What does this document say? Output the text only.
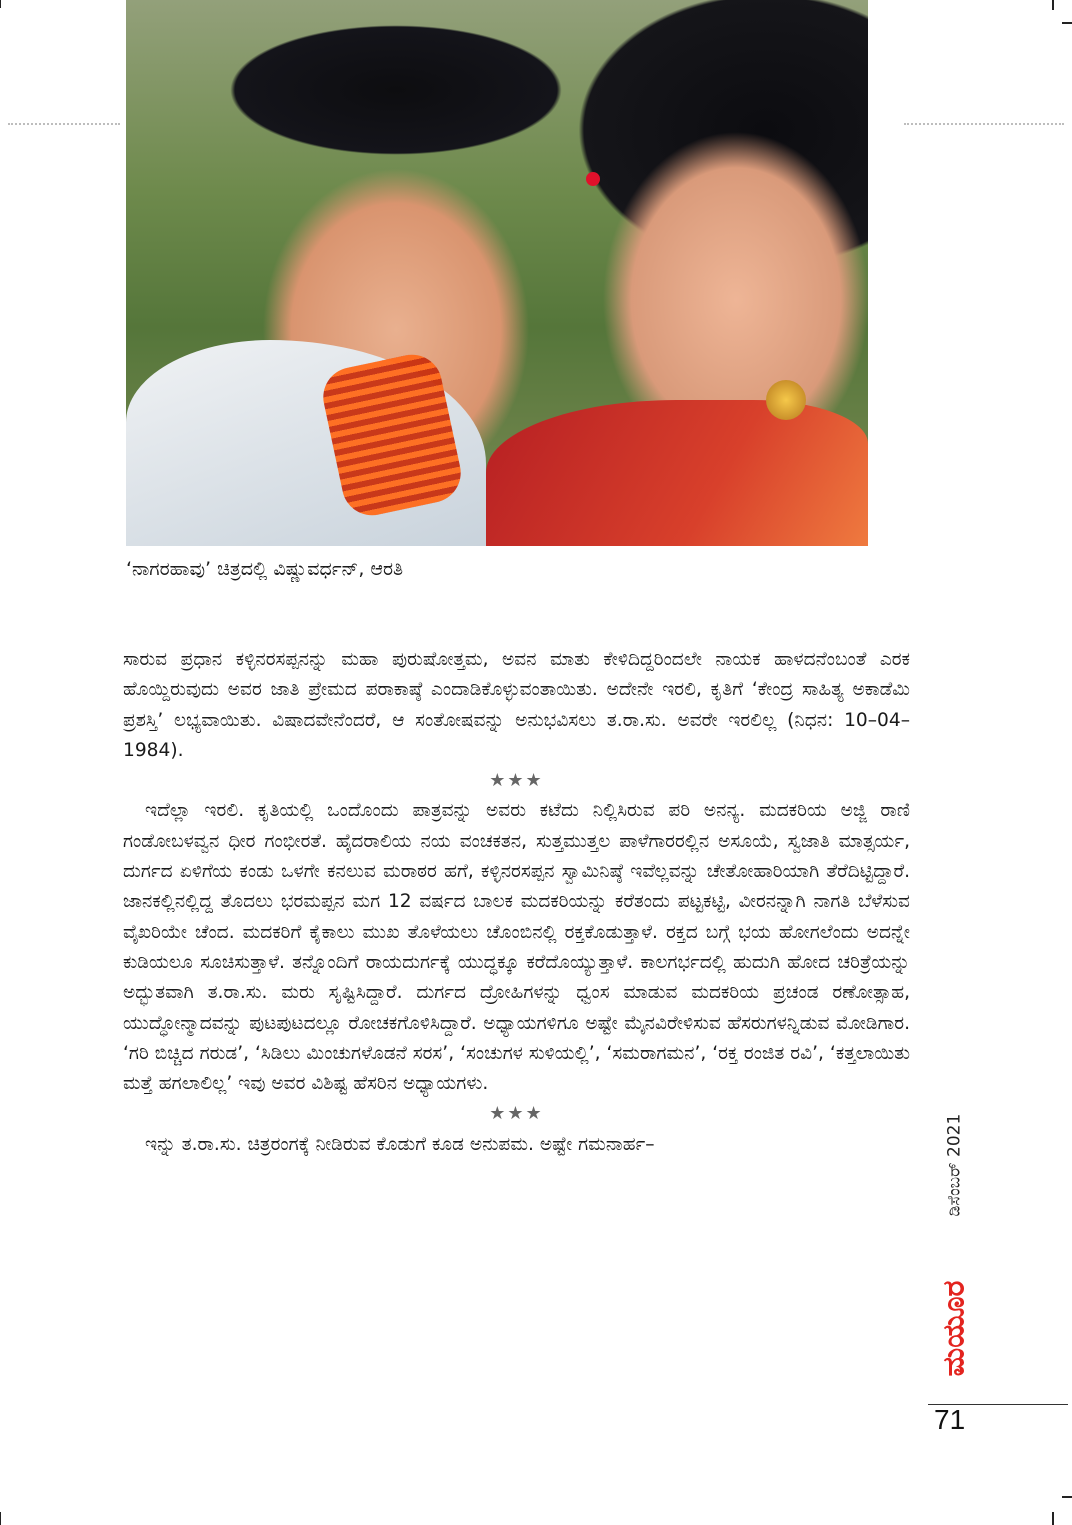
‘ನಾಗರಹಾವು’ ಚಿತ್ರದಲ್ಲಿ ವಿಷ್ಣುವರ್ಧನ್, ಆರತಿ

ಸಾರುವ ಪ್ರಧಾನ ಕಳ್ಳಿನರಸಪ್ಪನನ್ನು ಮಹಾ ಪುರುಷೋತ್ತಮ, ಅವನ ಮಾತು ಕೇಳಿದಿದ್ದರಿಂದಲೇ ನಾಯಕ ಹಾಳದನೆಂಬಂತೆ ಎರಕ ಹೊಯ್ದಿರುವುದು ಅವರ ಜಾತಿ ಪ್ರೇಮದ ಪರಾಕಾಷ್ಠೆ ಎಂದಾಡಿಕೊಳ್ಳುವಂತಾಯಿತು. ಅದೇನೇ ಇರಲಿ, ಕೃತಿಗೆ ‘ಕೇಂದ್ರ ಸಾಹಿತ್ಯ ಅಕಾಡೆಮಿ ಪ್ರಶಸ್ತಿ’ ಲಭ್ಯವಾಯಿತು. ವಿಷಾದವೇನೆಂದರೆ, ಆ ಸಂತೋಷವನ್ನು ಅನುಭವಿಸಲು ತ.ರಾ.ಸು. ಅವರೇ ಇರಲಿಲ್ಲ (ನಿಧನ: 10–04–1984).

★★★

ಇದೆಲ್ಲಾ ಇರಲಿ. ಕೃತಿಯಲ್ಲಿ ಒಂದೊಂದು ಪಾತ್ರವನ್ನು ಅವರು ಕಟೆದು ನಿಲ್ಲಿಸಿರುವ ಪರಿ ಅನನ್ಯ. ಮದಕರಿಯ ಅಜ್ಜಿ ರಾಣಿ ಗಂಡೋಬಳವ್ವನ ಧೀರ ಗಂಭೀರತೆ. ಹೈದರಾಲಿಯ ನಯ ವಂಚಕತನ, ಸುತ್ತಮುತ್ತಲ ಪಾಳೆಗಾರರಲ್ಲಿನ ಅಸೂಯೆ, ಸ್ವಜಾತಿ ಮಾತ್ಸರ್ಯ, ದುರ್ಗದ ಏಳಿಗೆಯ ಕಂಡು ಒಳಗೇ ಕನಲುವ ಮರಾಠರ ಹಗೆ, ಕಳ್ಳಿನರಸಪ್ಪನ ಸ್ವಾಮಿನಿಷ್ಠೆ ಇವೆಲ್ಲವನ್ನು ಚೇತೋಹಾರಿಯಾಗಿ ತೆರೆದಿಟ್ಟಿದ್ದಾರೆ. ಜಾನಕಲ್ಲಿನಲ್ಲಿದ್ದ ತೊದಲು ಭರಮಪ್ಪನ ಮಗ 12 ವರ್ಷದ ಬಾಲಕ ಮದಕರಿಯನ್ನು ಕರೆತಂದು ಪಟ್ಟಕಟ್ಟಿ, ವೀರನನ್ನಾಗಿ ನಾಗತಿ ಬೆಳೆಸುವ ವೈಖರಿಯೇ ಚೆಂದ. ಮದಕರಿಗೆ ಕೈಕಾಲು ಮುಖ ತೊಳೆಯಲು ಚೊಂಬಿನಲ್ಲಿ ರಕ್ತಕೊಡುತ್ತಾಳೆ. ರಕ್ತದ ಬಗ್ಗೆ ಭಯ ಹೋಗಲೆಂದು ಅದನ್ನೇ ಕುಡಿಯಲೂ ಸೂಚಿಸುತ್ತಾಳೆ. ತನ್ನೊಂದಿಗೆ ರಾಯದುರ್ಗಕ್ಕೆ ಯುದ್ಧಕ್ಕೂ ಕರೆದೊಯ್ಯುತ್ತಾಳೆ. ಕಾಲಗರ್ಭದಲ್ಲಿ ಹುದುಗಿ ಹೋದ ಚರಿತ್ರೆಯನ್ನು ಅದ್ಭುತವಾಗಿ ತ.ರಾ.ಸು. ಮರು ಸೃಷ್ಟಿಸಿದ್ದಾರೆ. ದುರ್ಗದ ದ್ರೋಹಿಗಳನ್ನು ಧ್ವಂಸ ಮಾಡುವ ಮದಕರಿಯ ಪ್ರಚಂಡ ರಣೋತ್ಸಾಹ, ಯುದ್ಧೋನ್ಮಾದವನ್ನು ಪುಟಪುಟದಲ್ಲೂ ರೋಚಕಗೊಳಿಸಿದ್ದಾರೆ. ಅಧ್ಯಾಯಗಳಿಗೂ ಅಷ್ಟೇ ಮೈನವಿರೇಳಿಸುವ ಹೆಸರುಗಳನ್ನಿಡುವ ಮೋಡಿಗಾರ. ‘ಗರಿ ಬಿಚ್ಚಿದ ಗರುಡ’, ‘ಸಿಡಿಲು ಮಿಂಚುಗಳೊಡನೆ ಸರಸ’, ‘ಸಂಚುಗಳ ಸುಳಿಯಲ್ಲಿ’, ‘ಸಮರಾಗಮನ’, ‘ರಕ್ತ ರಂಜಿತ ರವಿ’, ‘ಕತ್ತಲಾಯಿತು ಮತ್ತೆ ಹಗಲಾಲಿಲ್ಲ’ ಇವು ಅವರ ವಿಶಿಷ್ಟ ಹೆಸರಿನ ಅಧ್ಯಾಯಗಳು.

★★★

ಇನ್ನು ತ.ರಾ.ಸು. ಚಿತ್ರರಂಗಕ್ಕೆ ನೀಡಿರುವ ಕೊಡುಗೆ ಕೂಡ ಅನುಪಮ. ಅಷ್ಟೇ ಗಮನಾರ್ಹ–	ಡಿಸೆಂಬರ್ 2021
ಮಯೂರ
71
